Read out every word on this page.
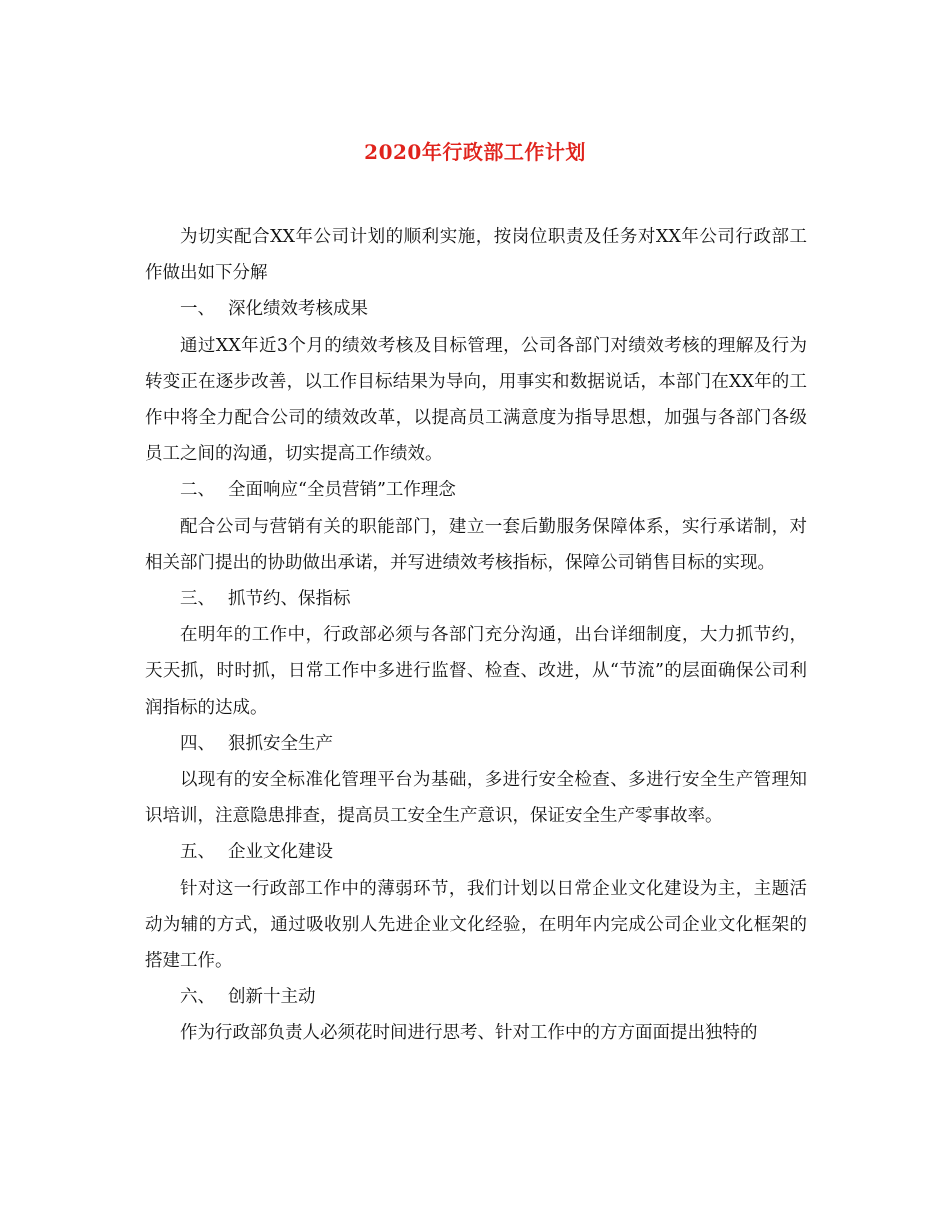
2020年行政部工作计划

为切实配合XX年公司计划的顺利实施，按岗位职责及任务对XX年公司行政部工作做出如下分解

一、 深化绩效考核成果

通过XX年近3个月的绩效考核及目标管理，公司各部门对绩效考核的理解及行为转变正在逐步改善，以工作目标结果为导向，用事实和数据说话，本部门在XX年的工作中将全力配合公司的绩效改革，以提高员工满意度为指导思想，加强与各部门各级员工之间的沟通，切实提高工作绩效。

二、 全面响应“全员营销”工作理念

配合公司与营销有关的职能部门，建立一套后勤服务保障体系，实行承诺制，对相关部门提出的协助做出承诺，并写进绩效考核指标，保障公司销售目标的实现。

三、 抓节约、保指标

在明年的工作中，行政部必须与各部门充分沟通，出台详细制度，大力抓节约，天天抓，时时抓，日常工作中多进行监督、检查、改进，从“节流”的层面确保公司利润指标的达成。

四、 狠抓安全生产

以现有的安全标准化管理平台为基础，多进行安全检查、多进行安全生产管理知识培训，注意隐患排查，提高员工安全生产意识，保证安全生产零事故率。

五、 企业文化建设

针对这一行政部工作中的薄弱环节，我们计划以日常企业文化建设为主，主题活动为辅的方式，通过吸收别人先进企业文化经验，在明年内完成公司企业文化框架的搭建工作。

六、 创新十主动

作为行政部负责人必须花时间进行思考、针对工作中的方方面面提出独特的
